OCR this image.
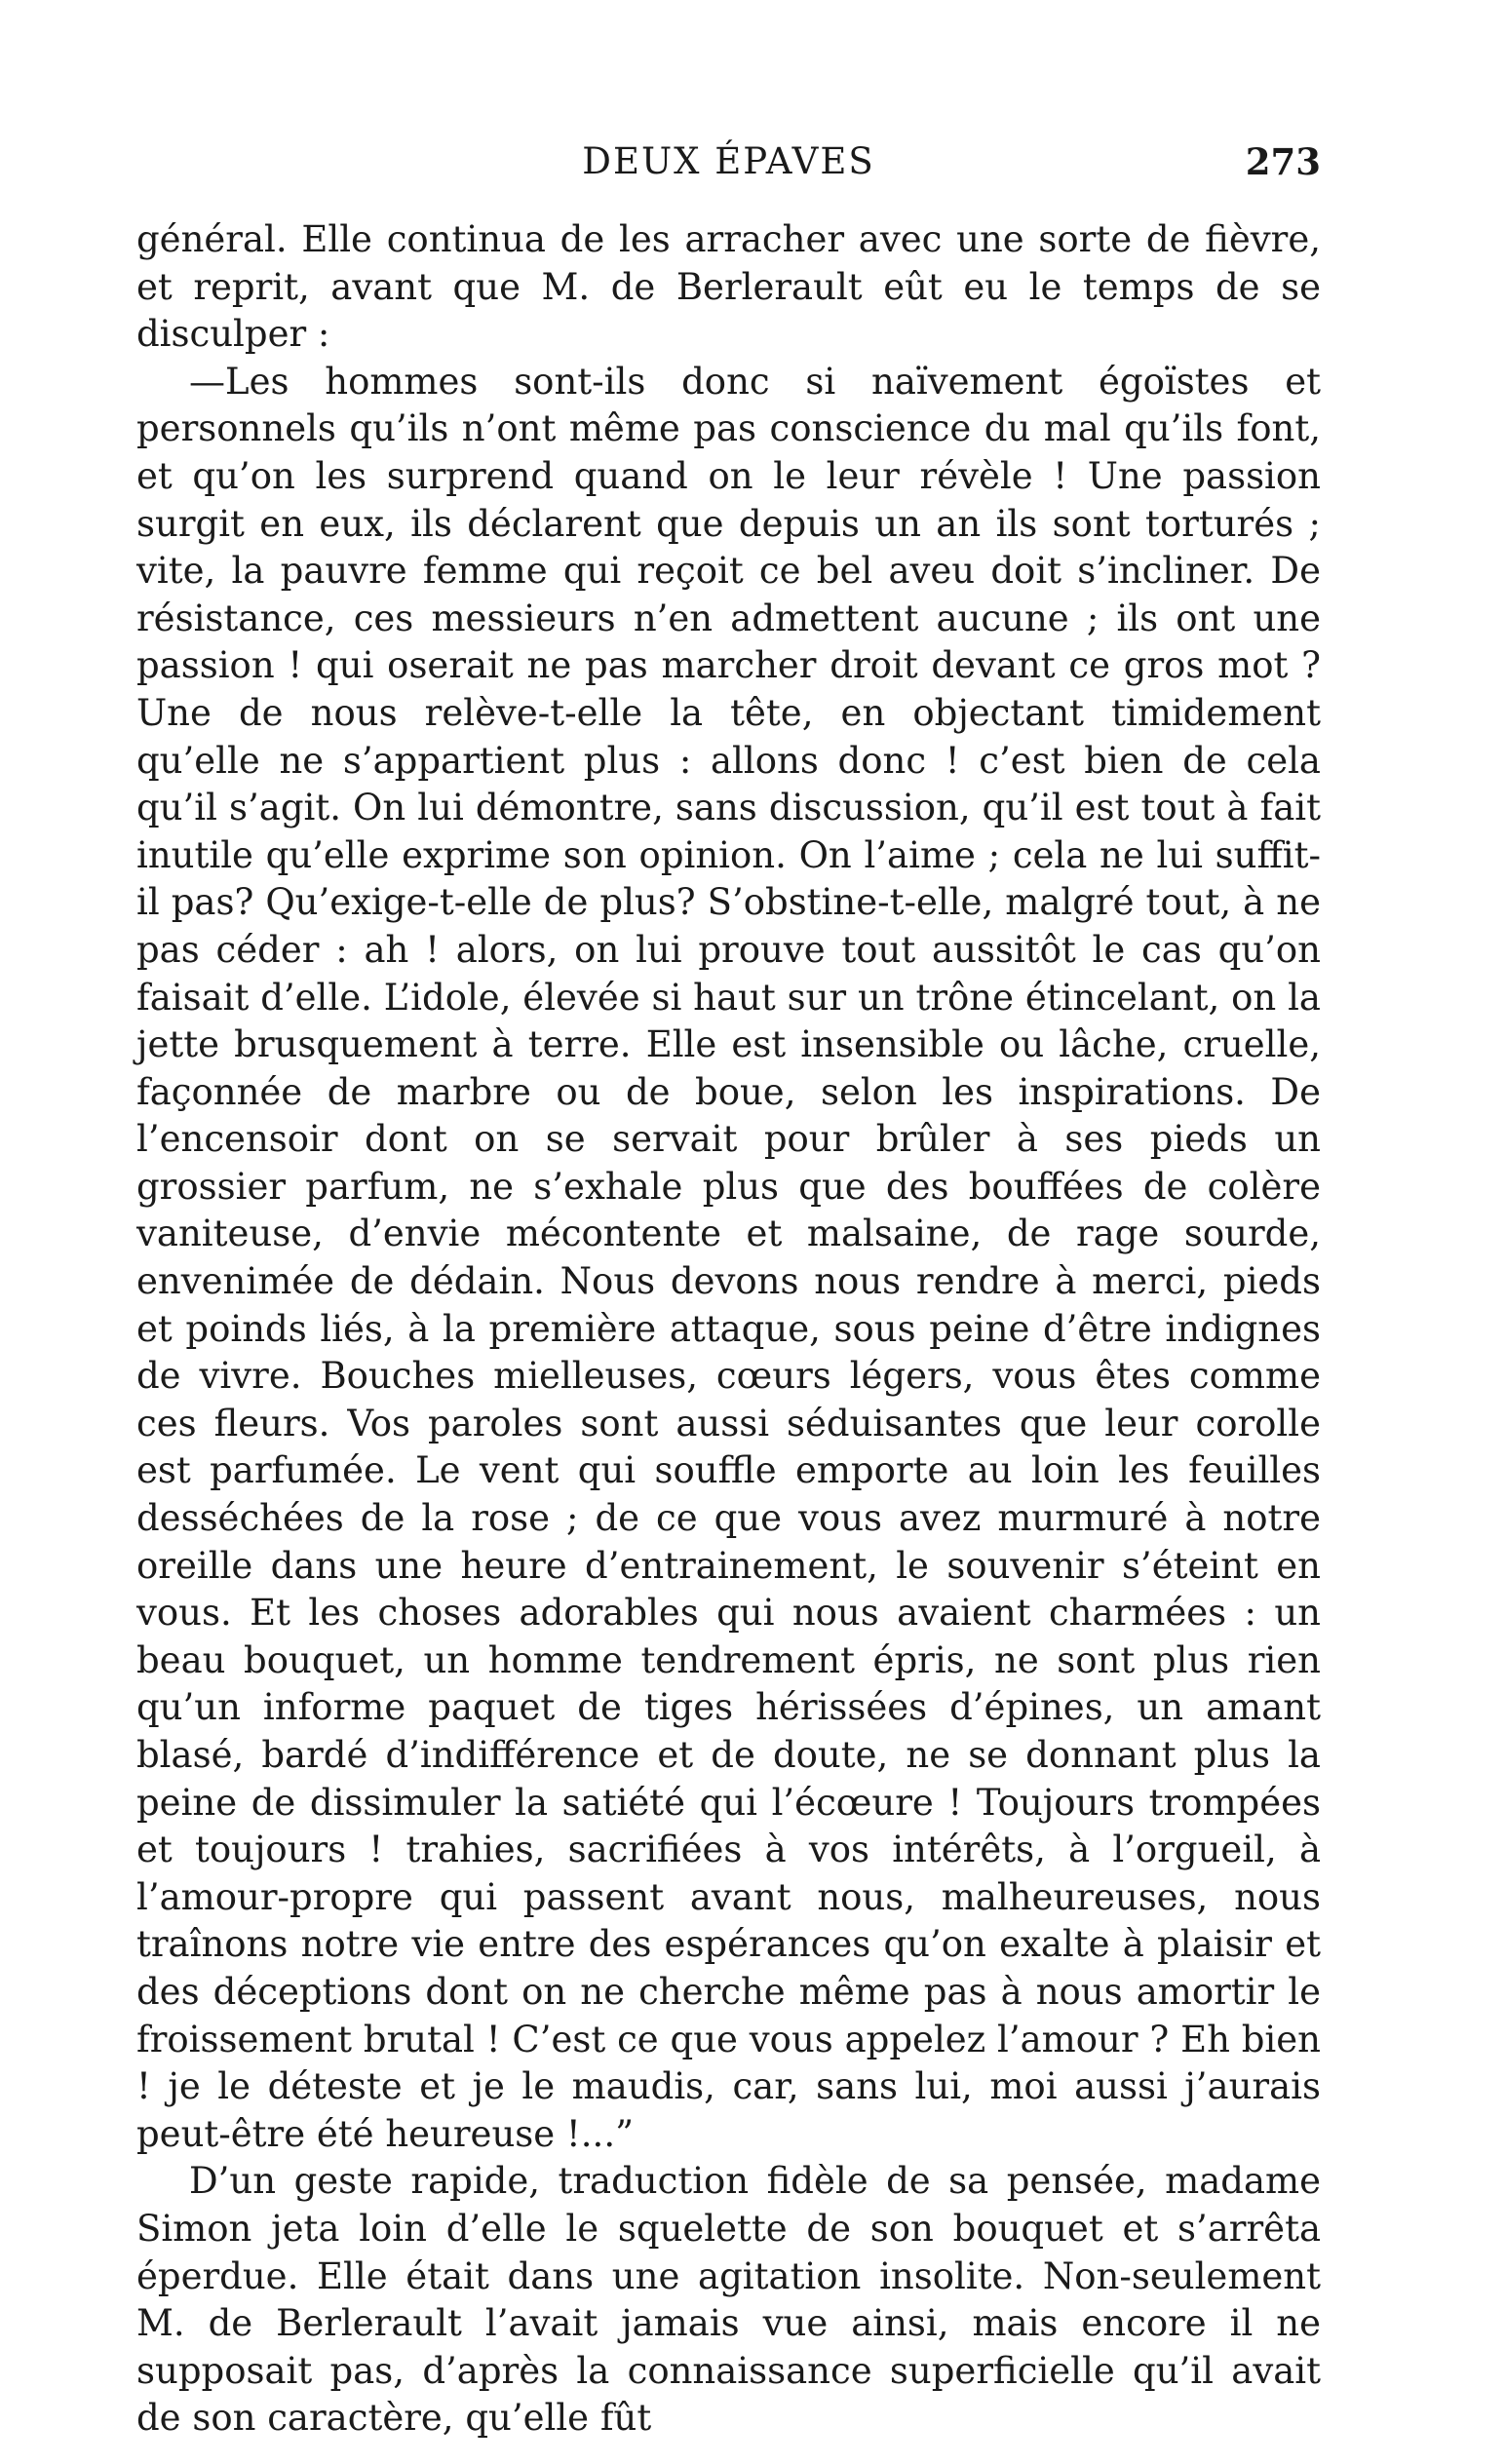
DEUX ÉPAVES	273

général. Elle continua de les arracher avec une sorte de fièvre, et reprit, avant que M. de Berlerault eût eu le temps de se disculper :

—Les hommes sont-ils donc si naïvement égoïstes et personnels qu’ils n’ont même pas conscience du mal qu’ils font, et qu’on les surprend quand on le leur révèle ! Une passion surgit en eux, ils déclarent que depuis un an ils sont torturés ; vite, la pauvre femme qui reçoit ce bel aveu doit s’incliner. De résistance, ces messieurs n’en admettent aucune ; ils ont une passion ! qui oserait ne pas marcher droit devant ce gros mot ? Une de nous relève-t-elle la tête, en objectant timidement qu’elle ne s’appartient plus : allons donc ! c’est bien de cela qu’il s’agit. On lui démontre, sans discussion, qu’il est tout à fait inutile qu’elle exprime son opinion. On l’aime ; cela ne lui suffit-il pas? Qu’exige-t-elle de plus? S’obstine-t-elle, malgré tout, à ne pas céder : ah ! alors, on lui prouve tout aussitôt le cas qu’on faisait d’elle. L’idole, élevée si haut sur un trône étincelant, on la jette brusquement à terre. Elle est insensible ou lâche, cruelle, façonnée de marbre ou de boue, selon les inspirations. De l’encensoir dont on se servait pour brûler à ses pieds un grossier parfum, ne s’exhale plus que des bouffées de colère vaniteuse, d’envie mécontente et malsaine, de rage sourde, envenimée de dédain. Nous devons nous rendre à merci, pieds et poinds liés, à la première attaque, sous peine d’être indignes de vivre. Bouches mielleuses, cœurs légers, vous êtes comme ces fleurs. Vos paroles sont aussi séduisantes que leur corolle est parfumée. Le vent qui souffle emporte au loin les feuilles desséchées de la rose ; de ce que vous avez murmuré à notre oreille dans une heure d’entrainement, le souvenir s’éteint en vous. Et les choses adorables qui nous avaient charmées : un beau bouquet, un homme tendrement épris, ne sont plus rien qu’un informe paquet de tiges hérissées d’épines, un amant blasé, bardé d’indifférence et de doute, ne se donnant plus la peine de dissimuler la satiété qui l’écœure ! Toujours trompées et toujours ! trahies, sacrifiées à vos intérêts, à l’orgueil, à l’amour-propre qui passent avant nous, malheureuses, nous traînons notre vie entre des espérances qu’on exalte à plaisir et des déceptions dont on ne cherche même pas à nous amortir le froissement brutal ! C’est ce que vous appelez l’amour ? Eh bien ! je le déteste et je le maudis, car, sans lui, moi aussi j’aurais peut-être été heureuse !...”

D’un geste rapide, traduction fidèle de sa pensée, madame Simon jeta loin d’elle le squelette de son bouquet et s’arrêta éperdue. Elle était dans une agitation insolite. Non-seulement M. de Berlerault l’avait jamais vue ainsi, mais encore il ne supposait pas, d’après la connaissance superficielle qu’il avait de son caractère, qu’elle fût
